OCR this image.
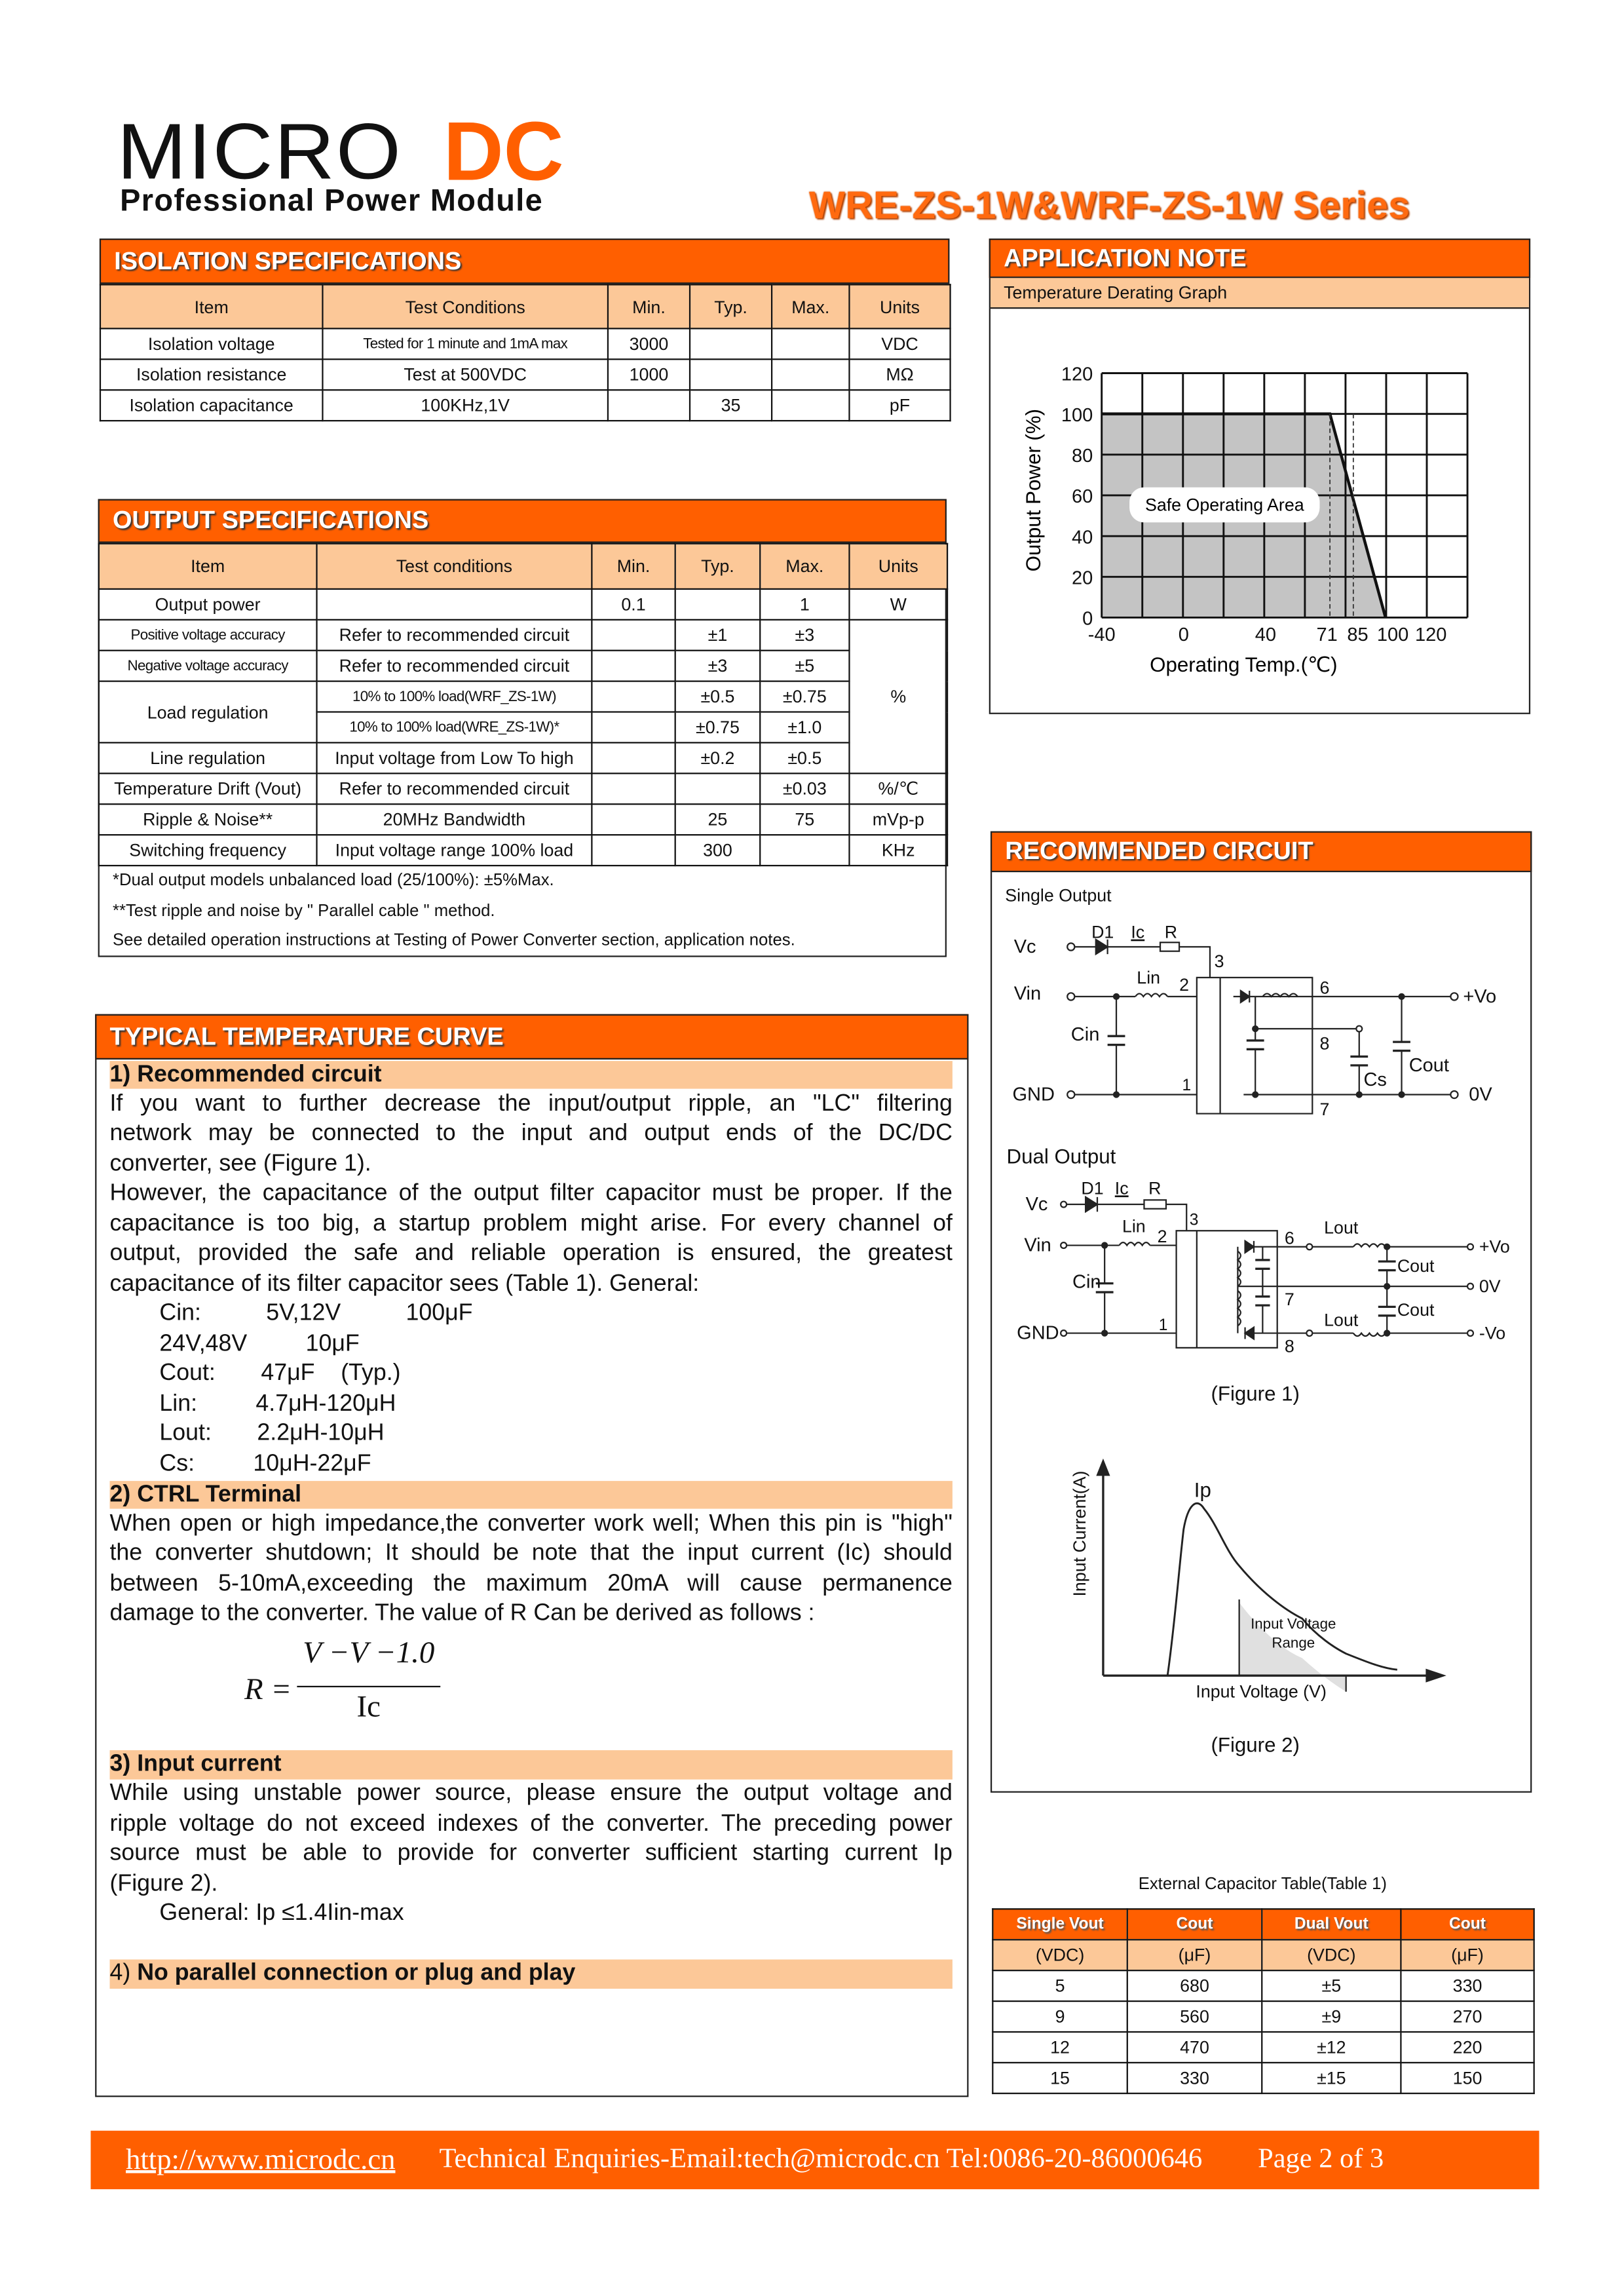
MICRO DC
Professional Power Module	WRE-ZS-1W&WRF-ZS-1W Series
ISOLATION SPECIFICATIONS
Item	Test Conditions	Min.	Typ.	Max.	Units
Isolation voltage	Tested for 1 minute and 1mA max	3000			VDC
Isolation resistance	Test at 500VDC	1000			MΩ
Isolation capacitance	100KHz,1V		35		pF
OUTPUT SPECIFICATIONS
Item	Test conditions	Min.	Typ.	Max.	Units
Output power		0.1		1	W
Positive voltage accuracy	Refer to recommended circuit		±1	±3	%
Negative voltage accuracy	Refer to recommended circuit		±3	±5	
Load regulation	10% to 100% load(WRF_ZS-1W)		±0.5	±0.75	
	10% to 100% load(WRE_ZS-1W)*		±0.75	±1.0	
Line regulation	Input voltage from Low To high		±0.2	±0.5	
Temperature Drift (Vout)	Refer to recommended circuit			±0.03	%/℃
Ripple & Noise**	20MHz Bandwidth		25	75	mVp-p
Switching frequency	Input voltage range 100% load		300		KHz
*Dual output models unbalanced load (25/100%): ±5%Max.
**Test ripple and noise by " Parallel cable " method.
See detailed operation instructions at Testing of Power Converter section, application notes.
TYPICAL TEMPERATURE CURVE
1) Recommended circuit
If you want to further decrease the input/output ripple, an "LC" filtering
network may be connected to the input and output ends of the DC/DC
converter, see (Figure 1).
However, the capacitance of the output filter capacitor must be proper. If the
capacitance is too big, a startup problem might arise. For every channel of
output, provided the safe and reliable operation is ensured, the greatest
capacitance of its filter capacitor sees (Table 1). General:
Cin:          5V,12V          100μF
24V,48V         10μF
Cout:       47μF    (Typ.)
Lin:         4.7μH-120μH
Lout:       2.2μH-10μH
Cs:         10μH-22μF
2) CTRL Terminal
When open or high impedance,the converter work well; When this pin is "high"
the converter shutdown; It should be note that the input current (Ic) should
between 5-10mA,exceeding the maximum 20mA will cause permanence
damage to the converter. The value of R Can be derived as follows :
R =
V −V −1.0
Ic
3) Input current
While using unstable power source, please ensure the output voltage and
ripple voltage do not exceed indexes of the converter. The preceding power
source must be able to provide for converter sufficient starting current Ip
(Figure 2).
General: Ip ≤1.4Iin-max
4) No parallel connection or plug and play
APPLICATION NOTE
Temperature Derating Graph
Safe Operating Area
0
20
40
60
80
100
120
-40	0	40	71 85 100 120
Output Power (%)
Operating Temp.(℃)
RECOMMENDED CIRCUIT
Single Output
Vc
D1 Ic	R
3
Vin
Lin 2
Cin
GND	1
6
8
7
Cs
Cout
+Vo
0V
Dual Output
Vc
D1 Ic	R
3
Vin
Lin
2
Cin
GND	1
6
7
8
Lout
Lout
Cout
Cout
+Vo
0V
-Vo
(Figure 1)
Ip
Input Voltage
Range
Input Current(A)
Input Voltage (V)
(Figure 2)
External Capacitor Table(Table 1)
Single Vout	Cout	Dual Vout	Cout
(VDC)	(μF)	(VDC)	(μF)
5	680	±5	330
9	560	±9	270
12	470	±12	220
15	330	±15	150
http://www.microdc.cn	Technical Enquiries-Email:tech@microdc.cn Tel:0086-20-86000646	Page 2 of 3
